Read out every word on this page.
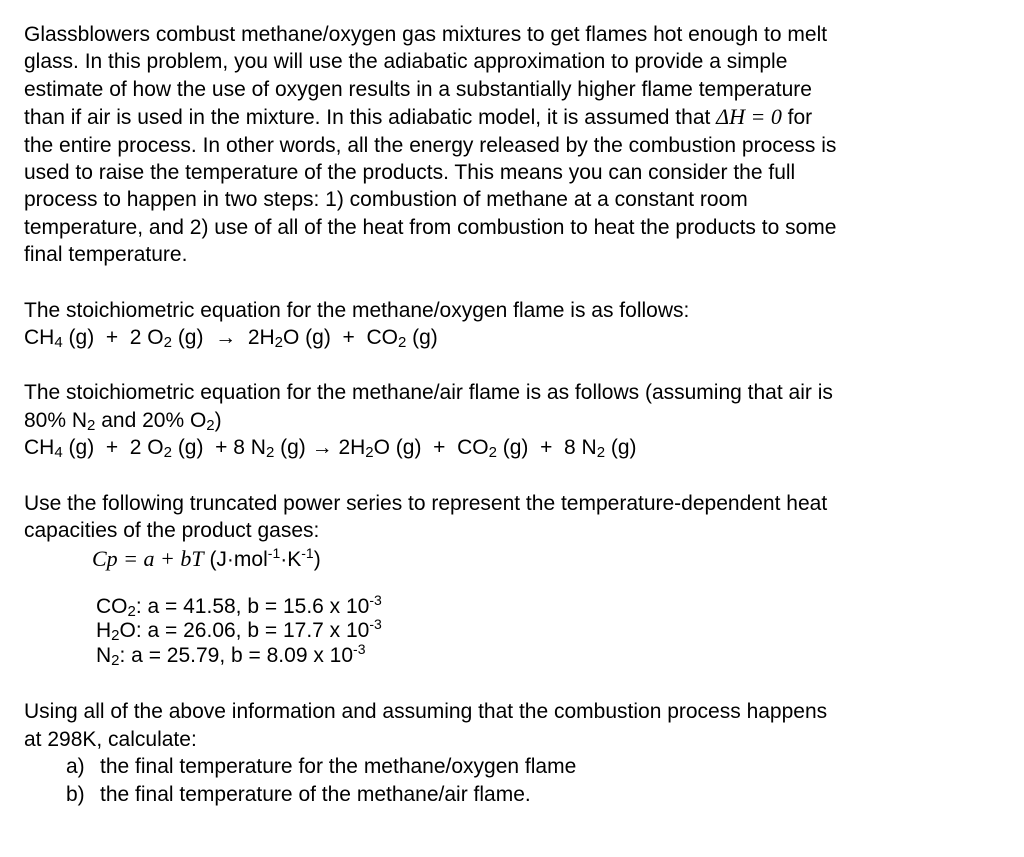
Glassblowers combust methane/oxygen gas mixtures to get flames hot enough to melt
glass. In this problem, you will use the adiabatic approximation to provide a simple
estimate of how the use of oxygen results in a substantially higher flame temperature
than if air is used in the mixture. In this adiabatic model, it is assumed that ΔH = 0 for
the entire process. In other words, all the energy released by the combustion process is
used to raise the temperature of the products. This means you can consider the full
process to happen in two steps: 1) combustion of methane at a constant room
temperature, and 2) use of all of the heat from combustion to heat the products to some
final temperature.
The stoichiometric equation for the methane/oxygen flame is as follows:
$CH_4$ (g)  +  2 $O_2$ $(g) \to 2H_2O$ $(g) + CO_2$ (g)
The stoichiometric equation for the methane/air flame is as follows (assuming that air is
80% $N_2$ and 20% $O_2$)
$CH_4$ (g)  +  2 $O_2$ (g)  + 8 $N_2$ $(g) \to 2H_2O$ $(g) + CO_2$ (g)  +  8 $N_2$ (g)
Use the following truncated power series to represent the temperature-dependent heat
capacities of the product gases:
Cp = a + bT $(J\cdot mol^{-1}\cdot K^{-1})$
$CO_2$: a = 41.58, b = 15.6 x $10^{-3}$
$H_2O$: a = 26.06, b = 17.7 x $10^{-3}$
$N_2$: a = 25.79, b = 8.09 x $10^{-3}$
Using all of the above information and assuming that the combustion process happens
at 298K, calculate:
a) the final temperature for the methane/oxygen flame
b) the final temperature of the methane/air flame.
